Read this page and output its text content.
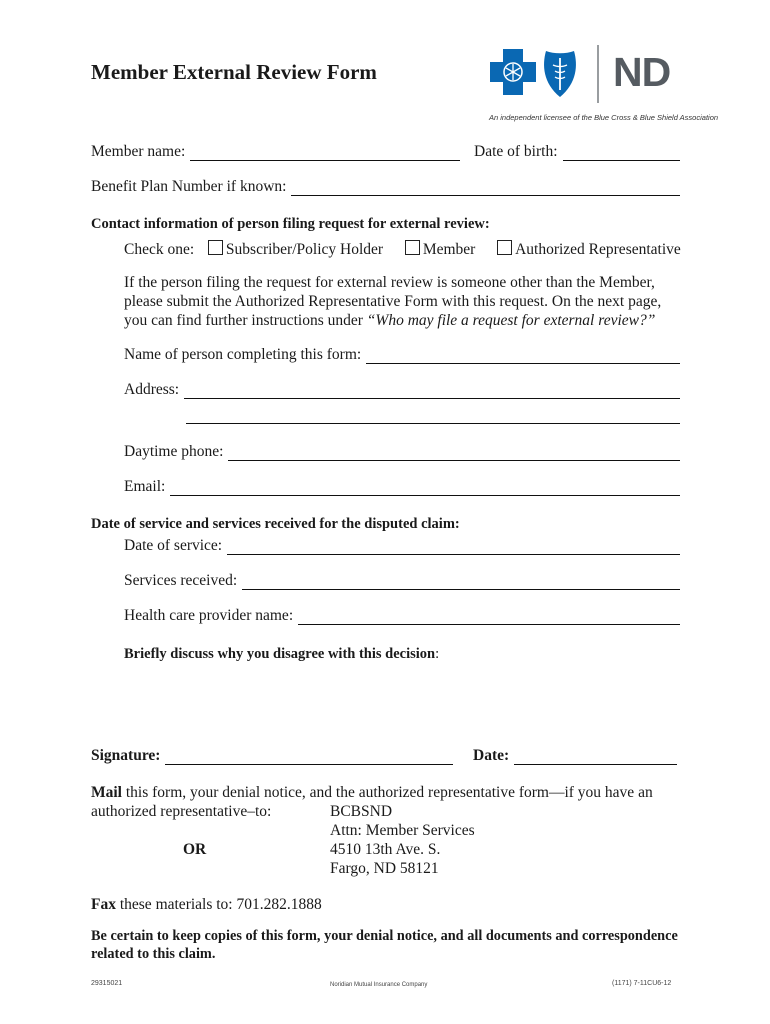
Member External Review Form	ND
An independent licensee of the Blue Cross & Blue Shield Association
Member name:	Date of birth:
Benefit Plan Number if known:
Contact information of person filing request for external review:
Check one: Subscriber/Policy Holder	Member	Authorized Representative
If the person filing the request for external review is someone other than the Member,
please submit the Authorized Representative Form with this request. On the next page,
you can find further instructions under “Who may file a request for external review?”
Name of person completing this form:
Address:
Daytime phone:
Email:
Date of service and services received for the disputed claim:
Date of service:
Services received:
Health care provider name:
Briefly discuss why you disagree with this decision:
Signature:	Date:
Mail this form, your denial notice, and the authorized representative form—if you have an
authorized representative–to:
OR
BCBSND
Attn: Member Services
4510 13th Ave. S.
Fargo, ND 58121
Fax these materials to: 701.282.1888
Be certain to keep copies of this form, your denial notice, and all documents and correspondence
related to this claim.
29315021	Noridian Mutual Insurance Company	(1171) 7-11CU6-12
